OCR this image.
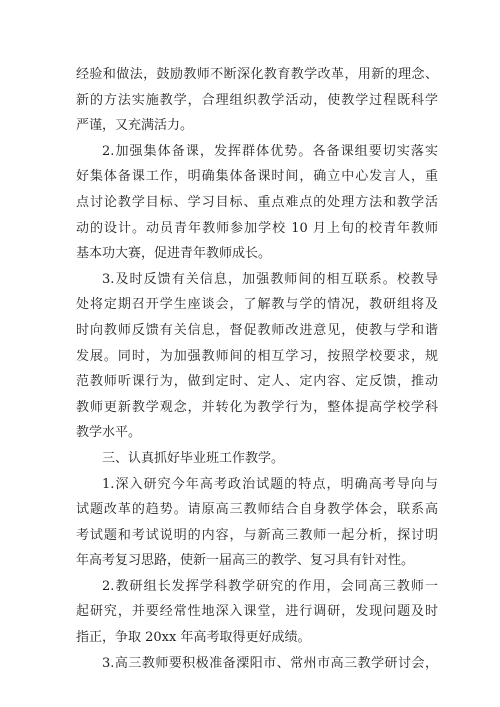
经验和做法，鼓励教师不断深化教育教学改革，用新的理念、
新的方法实施教学，合理组织教学活动，使教学过程既科学
严谨，又充满活力。
2.加强集体备课，发挥群体优势。各备课组要切实落实
好集体备课工作，明确集体备课时间，确立中心发言人，重
点讨论教学目标、学习目标、重点难点的处理方法和教学活
动的设计。动员青年教师参加学校 10 月上旬的校青年教师
基本功大赛，促进青年教师成长。
3.及时反馈有关信息，加强教师间的相互联系。校教导
处将定期召开学生座谈会，了解教与学的情况，教研组将及
时向教师反馈有关信息，督促教师改进意见，使教与学和谐
发展。同时，为加强教师间的相互学习，按照学校要求，规
范教师听课行为，做到定时、定人、定内容、定反馈，推动
教师更新教学观念，并转化为教学行为，整体提高学校学科
教学水平。
三、认真抓好毕业班工作教学。
1.深入研究今年高考政治试题的特点，明确高考导向与
试题改革的趋势。请原高三教师结合自身教学体会，联系高
考试题和考试说明的内容，与新高三教师一起分析，探讨明
年高考复习思路，使新一届高三的教学、复习具有针对性。
2.教研组长发挥学科教学研究的作用，会同高三教师一
起研究，并要经常性地深入课堂，进行调研，发现问题及时
指正，争取 20xx 年高考取得更好成绩。
3.高三教师要积极准备溧阳市、常州市高三教学研讨会，
